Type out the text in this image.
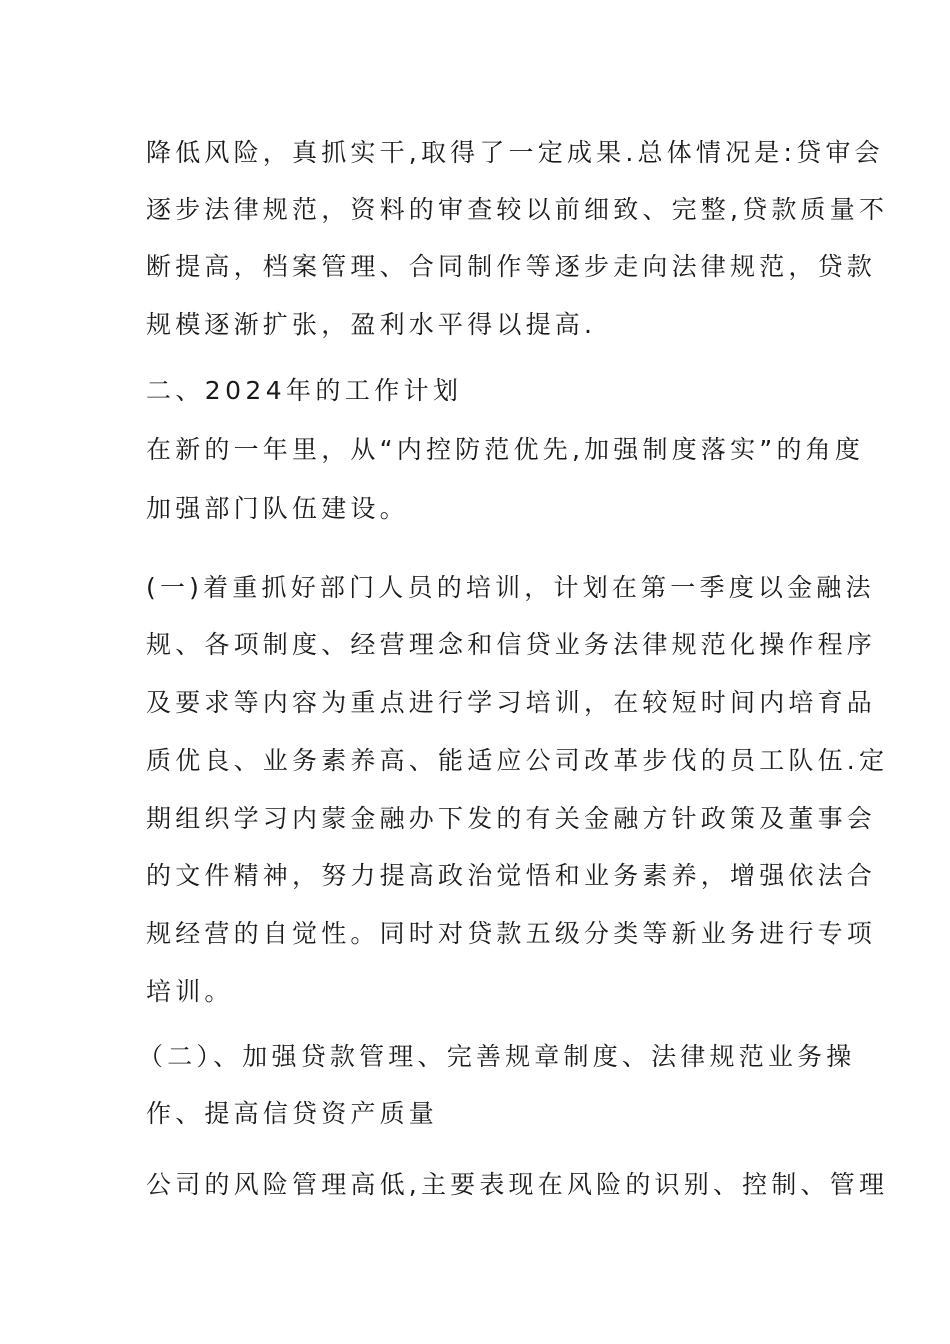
降低风险，真抓实干,取得了一定成果.总体情况是:贷审会

逐步法律规范，资料的审查较以前细致、完整,贷款质量不

断提高，档案管理、合同制作等逐步走向法律规范，贷款

规模逐渐扩张，盈利水平得以提高.

二、2024年的工作计划

在新的一年里，从“内控防范优先,加强制度落实”的角度

加强部门队伍建设。

(一)着重抓好部门人员的培训，计划在第一季度以金融法

规、各项制度、经营理念和信贷业务法律规范化操作程序

及要求等内容为重点进行学习培训，在较短时间内培育品

质优良、业务素养高、能适应公司改革步伐的员工队伍.定

期组织学习内蒙金融办下发的有关金融方针政策及董事会

的文件精神，努力提高政治觉悟和业务素养，增强依法合

规经营的自觉性。同时对贷款五级分类等新业务进行专项

培训。

（二）、加强贷款管理、完善规章制度、法律规范业务操

作、提高信贷资产质量

公司的风险管理高低,主要表现在风险的识别、控制、管理
